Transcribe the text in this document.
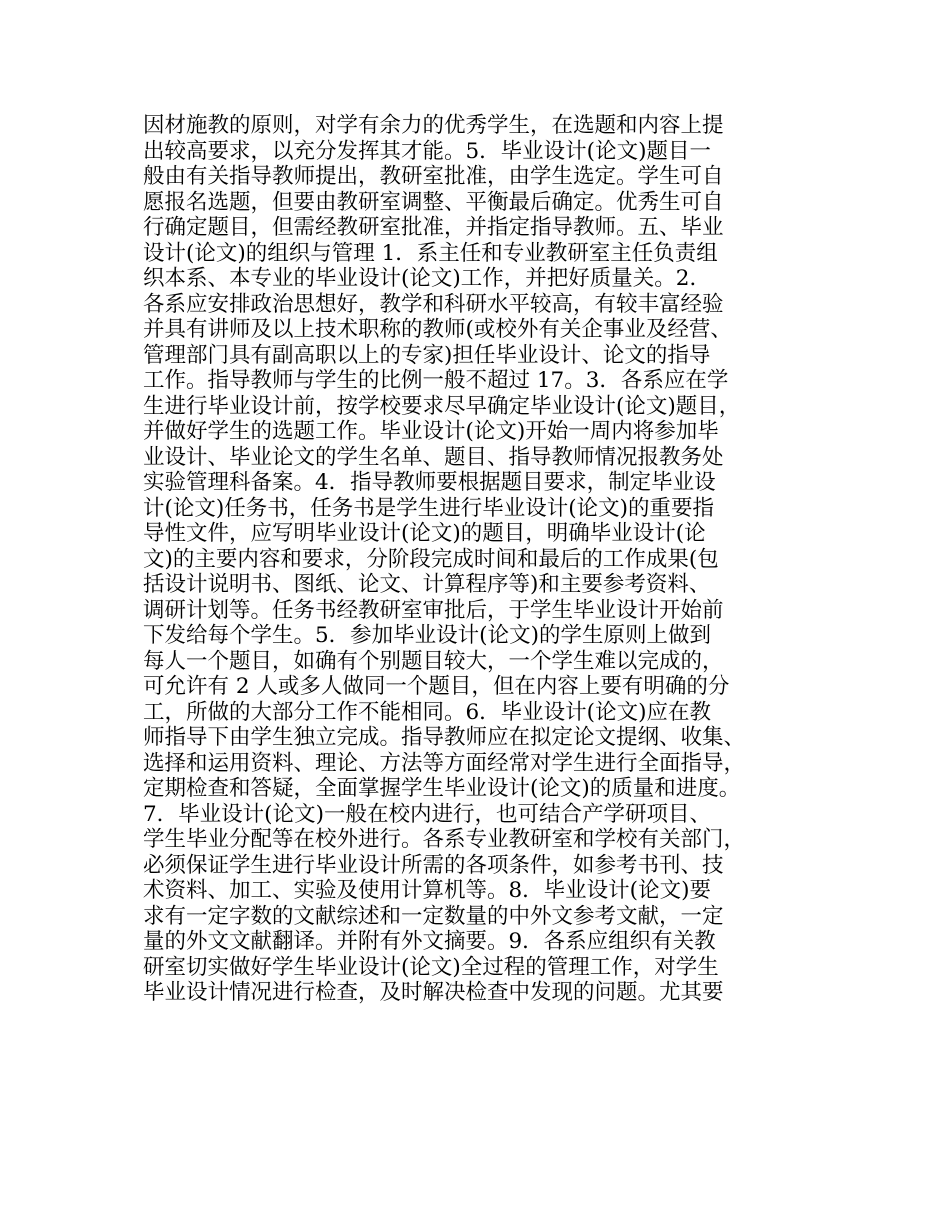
因材施教的原则，对学有余力的优秀学生，在选题和内容上提
出较高要求，以充分发挥其才能。5．毕业设计(论文)题目一
般由有关指导教师提出，教研室批准，由学生选定。学生可自
愿报名选题，但要由教研室调整、平衡最后确定。优秀生可自
行确定题目，但需经教研室批准，并指定指导教师。五、毕业
设计(论文)的组织与管理 1．系主任和专业教研室主任负责组
织本系、本专业的毕业设计(论文)工作，并把好质量关。2．
各系应安排政治思想好，教学和科研水平较高，有较丰富经验
并具有讲师及以上技术职称的教师(或校外有关企事业及经营、
管理部门具有副高职以上的专家)担任毕业设计、论文的指导
工作。指导教师与学生的比例一般不超过 17。3．各系应在学
生进行毕业设计前，按学校要求尽早确定毕业设计(论文)题目，
并做好学生的选题工作。毕业设计(论文)开始一周内将参加毕
业设计、毕业论文的学生名单、题目、指导教师情况报教务处
实验管理科备案。4．指导教师要根据题目要求，制定毕业设
计(论文)任务书，任务书是学生进行毕业设计(论文)的重要指
导性文件，应写明毕业设计(论文)的题目，明确毕业设计(论
文)的主要内容和要求，分阶段完成时间和最后的工作成果(包
括设计说明书、图纸、论文、计算程序等)和主要参考资料、
调研计划等。任务书经教研室审批后，于学生毕业设计开始前
下发给每个学生。5．参加毕业设计(论文)的学生原则上做到
每人一个题目，如确有个别题目较大，一个学生难以完成的，
可允许有 2 人或多人做同一个题目，但在内容上要有明确的分
工，所做的大部分工作不能相同。6．毕业设计(论文)应在教
师指导下由学生独立完成。指导教师应在拟定论文提纲、收集、
选择和运用资料、理论、方法等方面经常对学生进行全面指导，
定期检查和答疑，全面掌握学生毕业设计(论文)的质量和进度。
7．毕业设计(论文)一般在校内进行，也可结合产学研项目、
学生毕业分配等在校外进行。各系专业教研室和学校有关部门，
必须保证学生进行毕业设计所需的各项条件，如参考书刊、技
术资料、加工、实验及使用计算机等。8．毕业设计(论文)要
求有一定字数的文献综述和一定数量的中外文参考文献，一定
量的外文文献翻译。并附有外文摘要。9．各系应组织有关教
研室切实做好学生毕业设计(论文)全过程的管理工作，对学生
毕业设计情况进行检查，及时解决检查中发现的问题。尤其要
